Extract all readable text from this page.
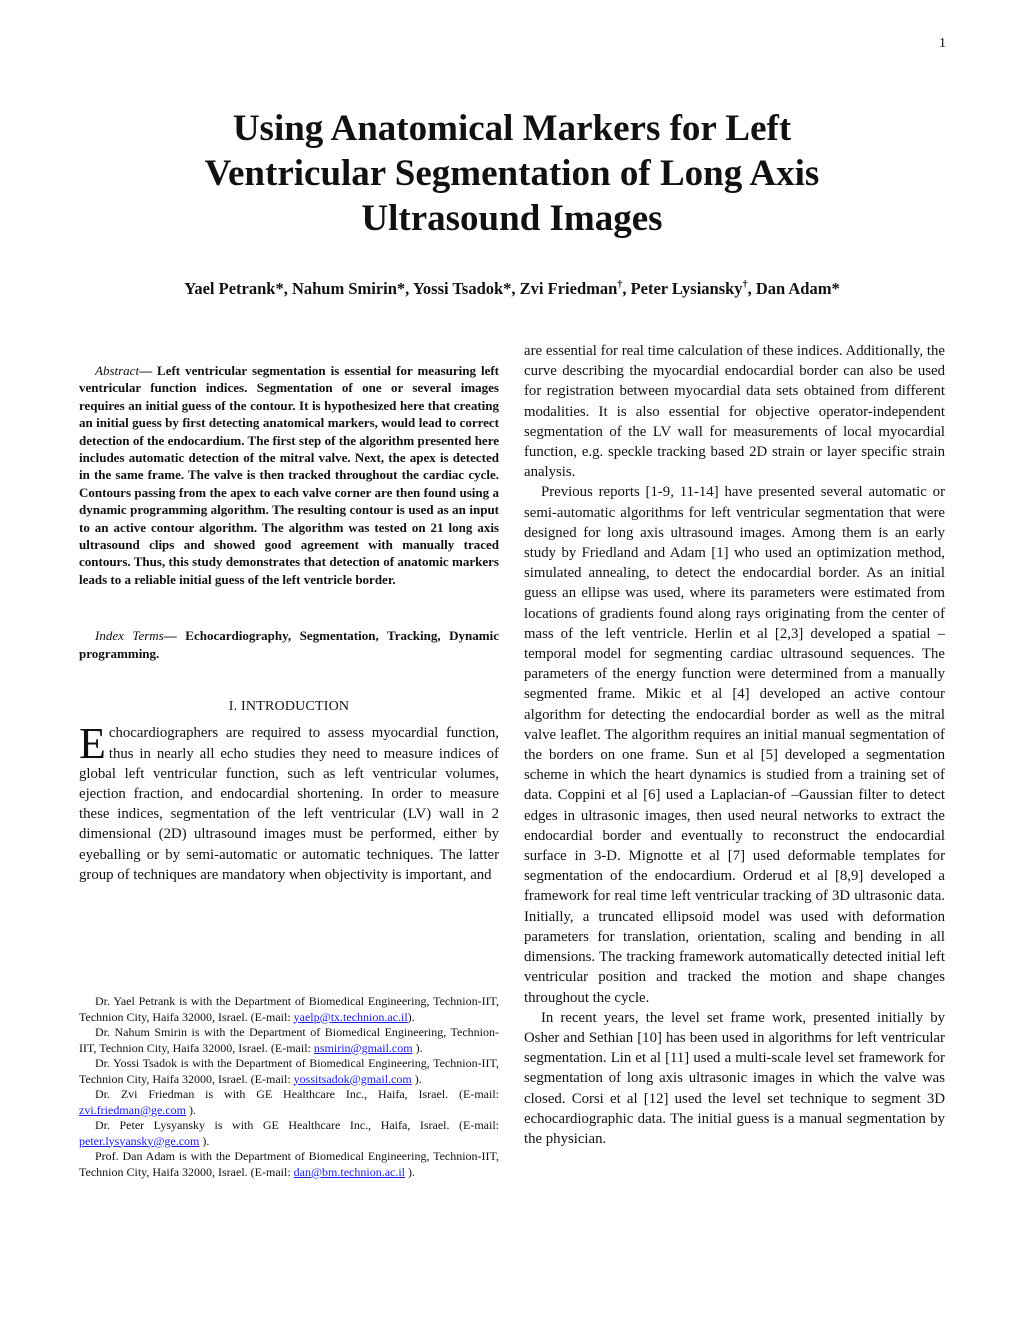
1
Using Anatomical Markers for Left
Ventricular Segmentation of Long Axis
Ultrasound Images
Yael Petrank*, Nahum Smirin*, Yossi Tsadok*, Zvi Friedman†, Peter Lysiansky†, Dan Adam*

Abstract— Left ventricular segmentation is essential for measuring left ventricular function indices. Segmentation of one or several images requires an initial guess of the contour. It is hypothesized here that creating an initial guess by first detecting anatomical markers, would lead to correct detection of the endocardium. The first step of the algorithm presented here includes automatic detection of the mitral valve. Next, the apex is detected in the same frame. The valve is then tracked throughout the cardiac cycle. Contours passing from the apex to each valve corner are then found using a dynamic programming algorithm. The resulting contour is used as an input to an active contour algorithm. The algorithm was tested on 21 long axis ultrasound clips and showed good agreement with manually traced contours. Thus, this study demonstrates that detection of anatomic markers leads to a reliable initial guess of the left ventricle border.

Index Terms— Echocardiography, Segmentation, Tracking, Dynamic programming.

I. INTRODUCTION

Echocardiographers are required to assess myocardial function, thus in nearly all echo studies they need to measure indices of global left ventricular function, such as left ventricular volumes, ejection fraction, and endocardial shortening. In order to measure these indices, segmentation of the left ventricular (LV) wall in 2 dimensional (2D) ultrasound images must be performed, either by eyeballing or by semi-automatic or automatic techniques. The latter group of techniques are mandatory when objectivity is important, and

Dr. Yael Petrank is with the Department of Biomedical Engineering, Technion-IIT, Technion City, Haifa 32000, Israel. (E-mail: yaelp@tx.technion.ac.il).

Dr. Nahum Smirin is with the Department of Biomedical Engineering, Technion-IIT, Technion City, Haifa 32000, Israel. (E-mail: nsmirin@gmail.com ).

Dr. Yossi Tsadok is with the Department of Biomedical Engineering, Technion-IIT, Technion City, Haifa 32000, Israel. (E-mail: yossitsadok@gmail.com ).

Dr. Zvi Friedman is with GE Healthcare Inc., Haifa, Israel. (E-mail: zvi.friedman@ge.com ).

Dr. Peter Lysyansky is with GE Healthcare Inc., Haifa, Israel. (E-mail: peter.lysyansky@ge.com ).

Prof. Dan Adam is with the Department of Biomedical Engineering, Technion-IIT, Technion City, Haifa 32000, Israel. (E-mail: dan@bm.technion.ac.il ).

are essential for real time calculation of these indices. Additionally, the curve describing the myocardial endocardial border can also be used for registration between myocardial data sets obtained from different modalities. It is also essential for objective operator-independent segmentation of the LV wall for measurements of local myocardial function, e.g. speckle tracking based 2D strain or layer specific strain analysis.

Previous reports [1-9, 11-14] have presented several automatic or semi-automatic algorithms for left ventricular segmentation that were designed for long axis ultrasound images. Among them is an early study by Friedland and Adam [1] who used an optimization method, simulated annealing, to detect the endocardial border. As an initial guess an ellipse was used, where its parameters were estimated from locations of gradients found along rays originating from the center of mass of the left ventricle. Herlin et al [2,3] developed a spatial –temporal model for segmenting cardiac ultrasound sequences. The parameters of the energy function were determined from a manually segmented frame. Mikic et al [4] developed an active contour algorithm for detecting the endocardial border as well as the mitral valve leaflet. The algorithm requires an initial manual segmentation of the borders on one frame. Sun et al [5] developed a segmentation scheme in which the heart dynamics is studied from a training set of data. Coppini et al [6] used a Laplacian-of –Gaussian filter to detect edges in ultrasonic images, then used neural networks to extract the endocardial border and eventually to reconstruct the endocardial surface in 3-D. Mignotte et al [7] used deformable templates for segmentation of the endocardium. Orderud et al [8,9] developed a framework for real time left ventricular tracking of 3D ultrasonic data. Initially, a truncated ellipsoid model was used with deformation parameters for translation, orientation, scaling and bending in all dimensions. The tracking framework automatically detected initial left ventricular position and tracked the motion and shape changes throughout the cycle.

In recent years, the level set frame work, presented initially by Osher and Sethian [10] has been used in algorithms for left ventricular segmentation. Lin et al [11] used a multi-scale level set framework for segmentation of long axis ultrasonic images in which the valve was closed. Corsi et al [12] used the level set technique to segment 3D echocardiographic data. The initial guess is a manual segmentation by the physician.
